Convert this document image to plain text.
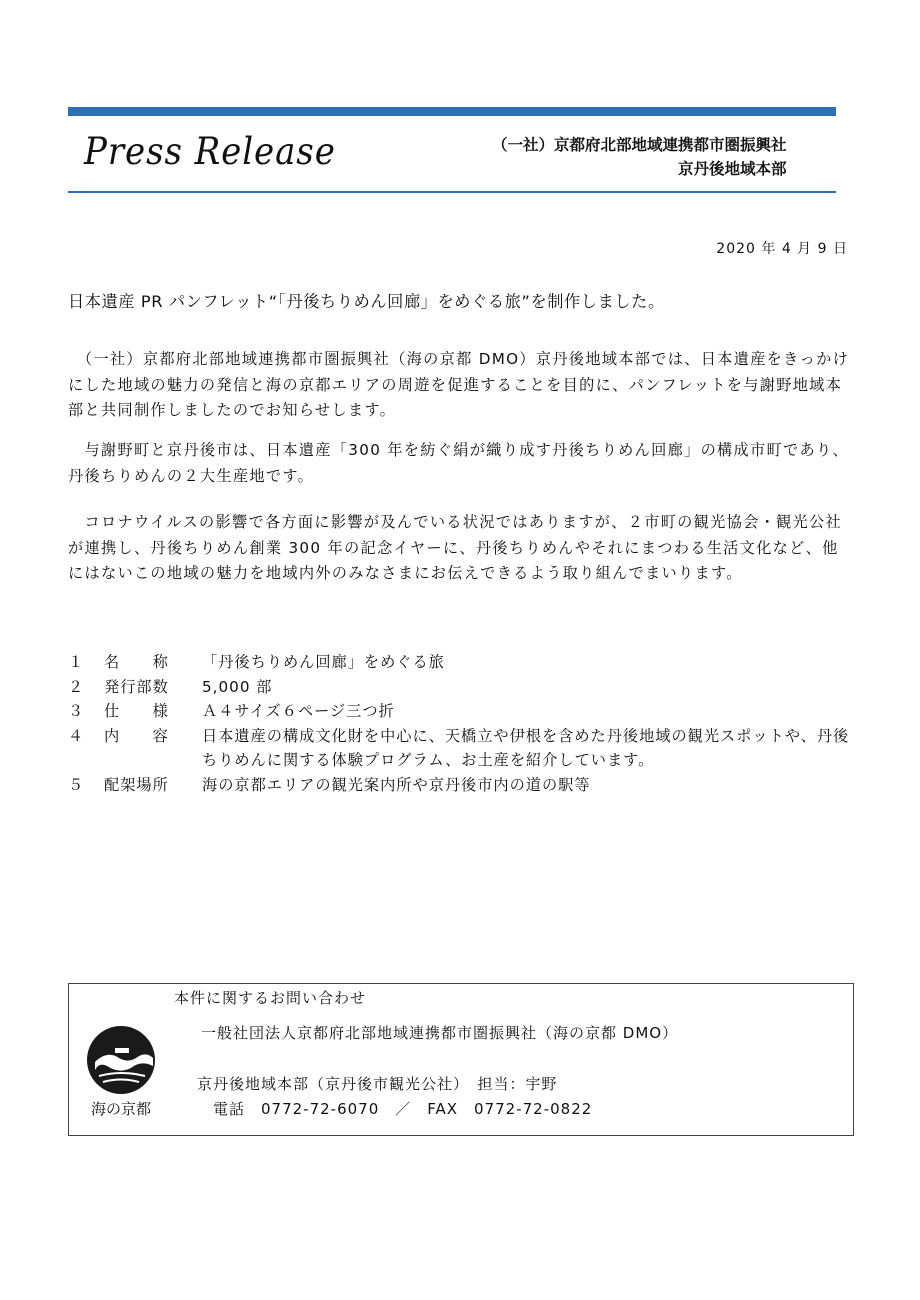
Press Release	（一社）京都府北部地域連携都市圏振興社
京丹後地域本部
2020 年 4 月 9 日
日本遺産 PR パンフレット“「丹後ちりめん回廊」をめぐる旅”を制作しました。
　（一社）京都府北部地域連携都市圏振興社（海の京都 DMO）京丹後地域本部では、日本遺産をきっかけにした地域の魅力の発信と海の京都エリアの周遊を促進することを目的に、パンフレットを与謝野地域本部と共同制作しましたのでお知らせします。
　与謝野町と京丹後市は、日本遺産「300 年を紡ぐ絹が織り成す丹後ちりめん回廊」の構成市町であり、丹後ちりめんの２大生産地です。
　コロナウイルスの影響で各方面に影響が及んでいる状況ではありますが、２市町の観光協会・観光公社が連携し、丹後ちりめん創業 300 年の記念イヤーに、丹後ちりめんやそれにまつわる生活文化など、他にはないこの地域の魅力を地域内外のみなさまにお伝えできるよう取り組んでまいります。
１	名　　称	「丹後ちりめん回廊」をめぐる旅
２	発行部数	5,000 部
３	仕　　様	Ａ４サイズ６ページ三つ折
４	内　　容	日本遺産の構成文化財を中心に、天橋立や伊根を含めた丹後地域の観光スポットや、丹後ちりめんに関する体験プログラム、お土産を紹介しています。
５	配架場所	海の京都エリアの観光案内所や京丹後市内の道の駅等
本件に関するお問い合わせ
海の京都
一般社団法人京都府北部地域連携都市圏振興社（海の京都 DMO）
京丹後地域本部（京丹後市観光公社）　担当：宇野
電話　0772-72-6070　／　FAX　0772-72-0822
